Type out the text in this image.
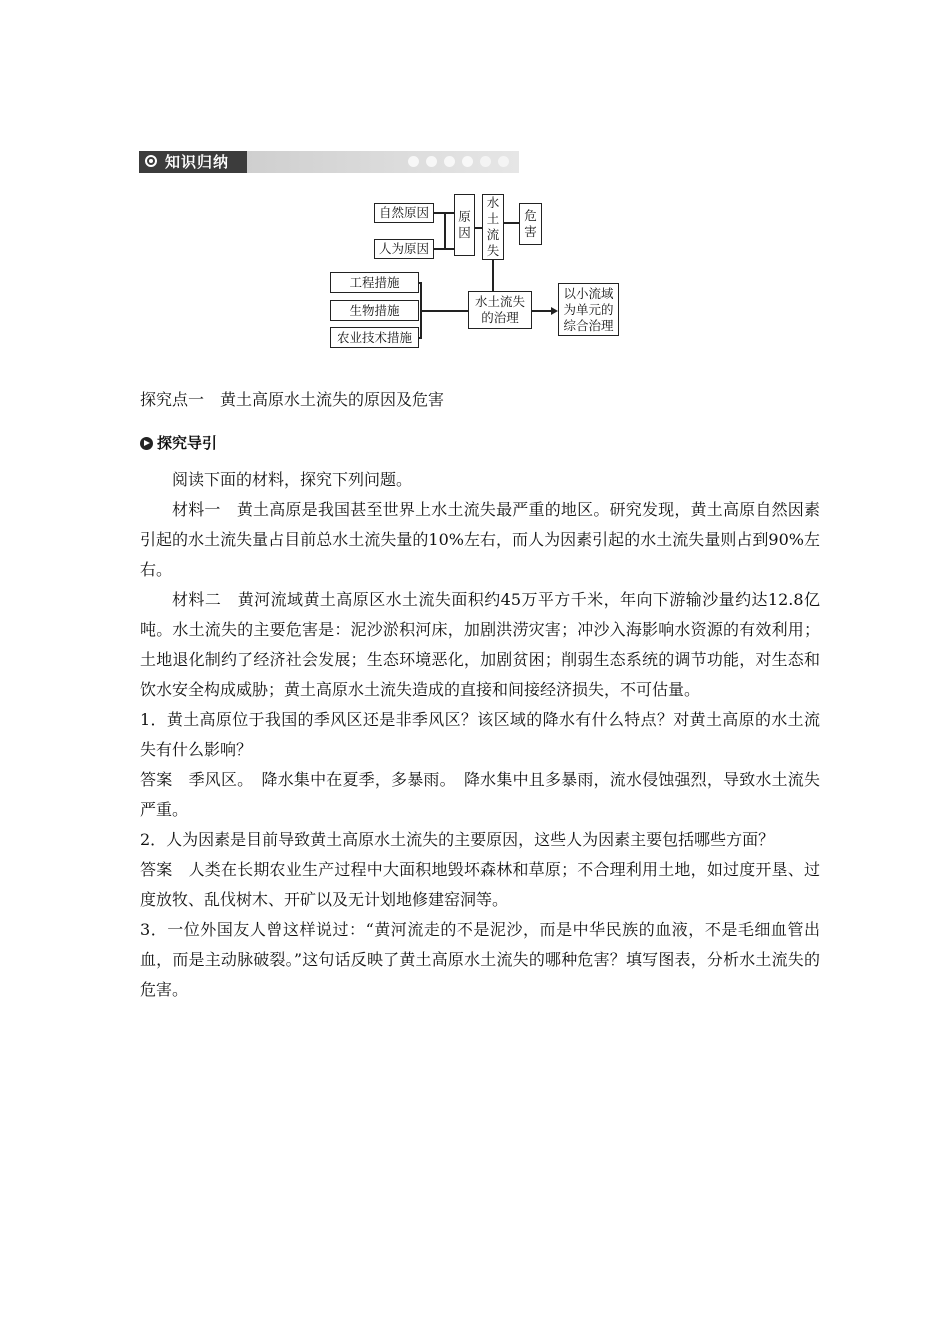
知识归纳
自然原因
人为原因
原
因
水
土
流
失
危
害
工程措施
生物措施
农业技术措施
水土流失
的治理
以小流域
为单元的
综合治理
探究点一　黄土高原水土流失的原因及危害
探究导引

阅读下面的材料，探究下列问题。

材料一　黄土高原是我国甚至世界上水土流失最严重的地区。研究发现，黄土高原自然因素引起的水土流失量占目前总水土流失量的10%左右，而人为因素引起的水土流失量则占到90%左右。

材料二　黄河流域黄土高原区水土流失面积约45万平方千米，年向下游输沙量约达12.8亿吨。水土流失的主要危害是：泥沙淤积河床，加剧洪涝灾害；冲沙入海影响水资源的有效利用；土地退化制约了经济社会发展；生态环境恶化，加剧贫困；削弱生态系统的调节功能，对生态和饮水安全构成威胁；黄土高原水土流失造成的直接和间接经济损失，不可估量。

1．黄土高原位于我国的季风区还是非季风区？该区域的降水有什么特点？对黄土高原的水土流失有什么影响？

答案　季风区。　降水集中在夏季，多暴雨。　降水集中且多暴雨，流水侵蚀强烈，导致水土流失严重。

2．人为因素是目前导致黄土高原水土流失的主要原因，这些人为因素主要包括哪些方面？

答案　人类在长期农业生产过程中大面积地毁坏森林和草原；不合理利用土地，如过度开垦、过度放牧、乱伐树木、开矿以及无计划地修建窑洞等。

3．一位外国友人曾这样说过：“黄河流走的不是泥沙，而是中华民族的血液，不是毛细血管出血，而是主动脉破裂。”这句话反映了黄土高原水土流失的哪种危害？填写图表，分析水土流失的危害。
